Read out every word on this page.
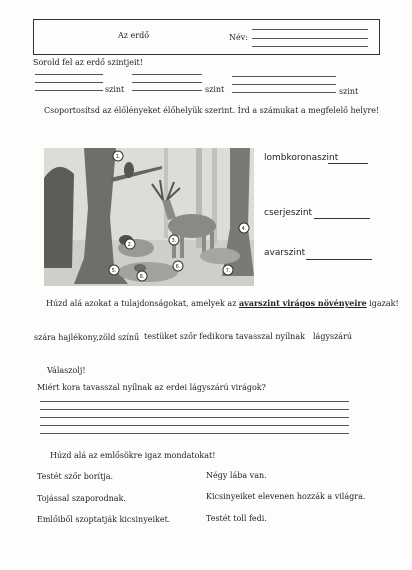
Az erdő	Név:
Sorold fel az erdő szintjeit!
szint	szint	szint
Csoportosítsd az élőlényeket élőhelyük szerint. Írd a számukat a megfelelő helyre!
1.
4.
2.
3.
5.
6.
7.
8.
lombkoronaszint
cserjeszint
avarszint
Húzd alá azokat a tulajdonságokat, amelyek az avarszint virágos növényeire igazak!
szára hajlékony,zöld színű testüket szőr fedi kora tavasszal nyílnak lágyszárú
Válaszolj!
Miért kora tavasszal nyílnak az erdei lágyszárú virágok?
Húzd alá az emlősökre igaz mondatokat!
Testét szőr borítja.
Tojással szaporodnak.
Emlőiből szoptatják kicsinyeiket.
Négy lába van.
Kicsinyeiket elevenen hozzák a világra.
Testét toll fedi.
